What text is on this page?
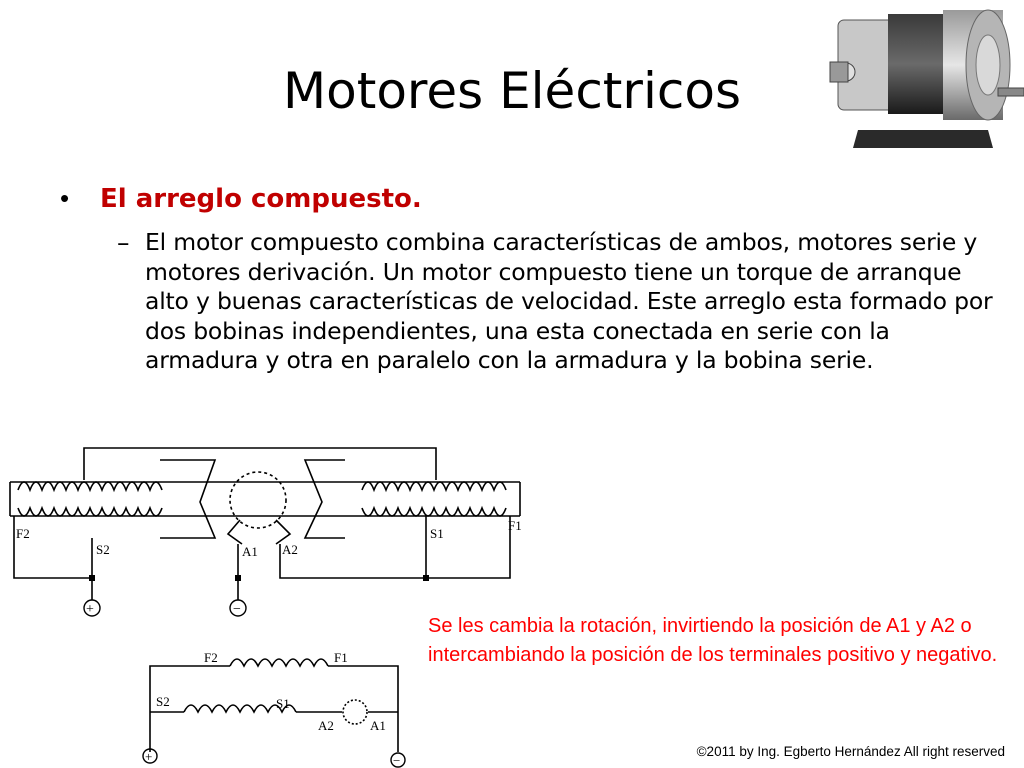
Motores Eléctricos
•	El arreglo compuesto.
– El motor compuesto combina características de ambos, motores serie y motores derivación. Un motor compuesto tiene un torque de arranque alto y buenas características de velocidad. Este arreglo esta formado por dos bobinas independientes, una esta conectada en serie con la armadura y otra en paralelo con la armadura y la bobina serie.
+	−
F2
S2	A1 A2
S1
F1
+	−
F2	F1
S2	S1
A2	A1
Se les cambia la rotación, invirtiendo la posición de A1 y A2 o intercambiando la posición de los terminales positivo y negativo.
©2011 by Ing. Egberto Hernández All right reserved
